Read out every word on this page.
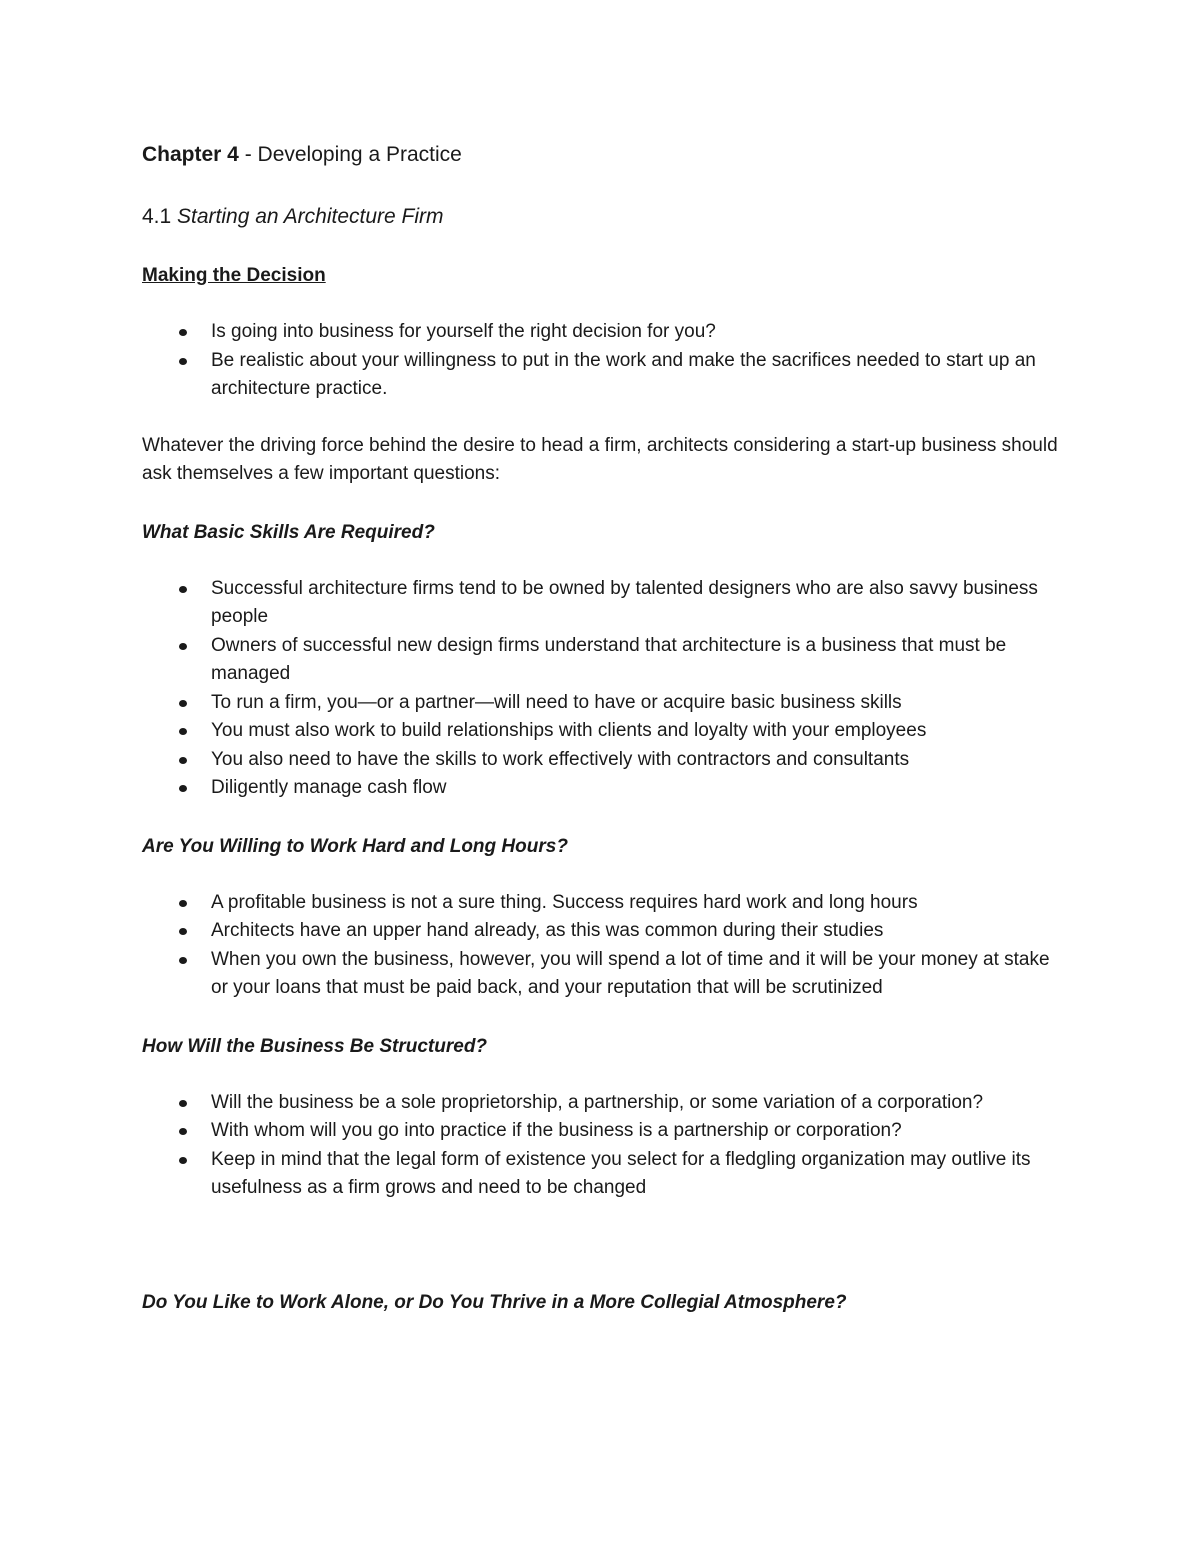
Chapter 4 - Developing a Practice

4.1 Starting an Architecture Firm

Making the Decision

Is going into business for yourself the right decision for you?
Be realistic about your willingness to put in the work and make the sacrifices needed to start up an architecture practice.

Whatever the driving force behind the desire to head a firm, architects considering a start-up business should ask themselves a few important questions:

What Basic Skills Are Required?

Successful architecture firms tend to be owned by talented designers who are also savvy business people
Owners of successful new design firms understand that architecture is a business that must be managed
To run a firm, you—or a partner—will need to have or acquire basic business skills
You must also work to build relationships with clients and loyalty with your employees
You also need to have the skills to work effectively with contractors and consultants
Diligently manage cash flow

Are You Willing to Work Hard and Long Hours?

A profitable business is not a sure thing. Success requires hard work and long hours
Architects have an upper hand already, as this was common during their studies
When you own the business, however, you will spend a lot of time and it will be your money at stake or your loans that must be paid back, and your reputation that will be scrutinized

How Will the Business Be Structured?

Will the business be a sole proprietorship, a partnership, or some variation of a corporation?
With whom will you go into practice if the business is a partnership or corporation?
Keep in mind that the legal form of existence you select for a fledgling organization may outlive its usefulness as a firm grows and need to be changed

Do You Like to Work Alone, or Do You Thrive in a More Collegial Atmosphere?
